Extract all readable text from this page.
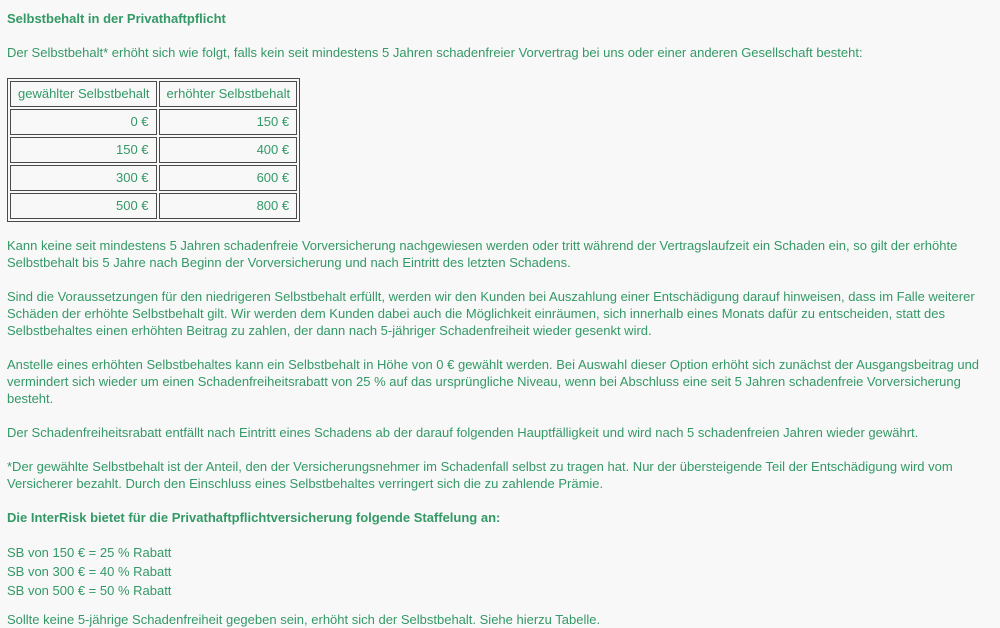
Selbstbehalt in der Privathaftpflicht

Der Selbstbehalt* erhöht sich wie folgt, falls kein seit mindestens 5 Jahren schadenfreier Vorvertrag bei uns oder einer anderen Gesellschaft besteht:

gewählter Selbstbehalt	erhöhter Selbstbehalt
0 €	150 €
150 €	400 €
300 €	600 €
500 €	800 €

Kann keine seit mindestens 5 Jahren schadenfreie Vorversicherung nachgewiesen werden oder tritt während der Vertragslaufzeit ein Schaden ein, so gilt der erhöhte Selbstbehalt bis 5 Jahre nach Beginn der Vorversicherung und nach Eintritt des letzten Schadens.

Sind die Voraussetzungen für den niedrigeren Selbstbehalt erfüllt, werden wir den Kunden bei Auszahlung einer Entschädigung darauf hinweisen, dass im Falle weiterer Schäden der erhöhte Selbstbehalt gilt. Wir werden dem Kunden dabei auch die Möglichkeit einräumen, sich innerhalb eines Monats dafür zu entscheiden, statt des Selbstbehaltes einen erhöhten Beitrag zu zahlen, der dann nach 5-jähriger Schadenfreiheit wieder gesenkt wird.

Anstelle eines erhöhten Selbstbehaltes kann ein Selbstbehalt in Höhe von 0 € gewählt werden. Bei Auswahl dieser Option erhöht sich zunächst der Ausgangsbeitrag und vermindert sich wieder um einen Schadenfreiheitsrabatt von 25 % auf das ursprüngliche Niveau, wenn bei Abschluss eine seit 5 Jahren schadenfreie Vorversicherung besteht.

Der Schadenfreiheitsrabatt entfällt nach Eintritt eines Schadens ab der darauf folgenden Hauptfälligkeit und wird nach 5 schadenfreien Jahren wieder gewährt.

*Der gewählte Selbstbehalt ist der Anteil, den der Versicherungsnehmer im Schadenfall selbst zu tragen hat. Nur der übersteigende Teil der Entschädigung wird vom Versicherer bezahlt. Durch den Einschluss eines Selbstbehaltes verringert sich die zu zahlende Prämie.

Die InterRisk bietet für die Privathaftpflichtversicherung folgende Staffelung an:
SB von 150 € = 25 % Rabatt
SB von 300 € = 40 % Rabatt
SB von 500 € = 50 % Rabatt

Sollte keine 5-jährige Schadenfreiheit gegeben sein, erhöht sich der Selbstbehalt. Siehe hierzu Tabelle.
